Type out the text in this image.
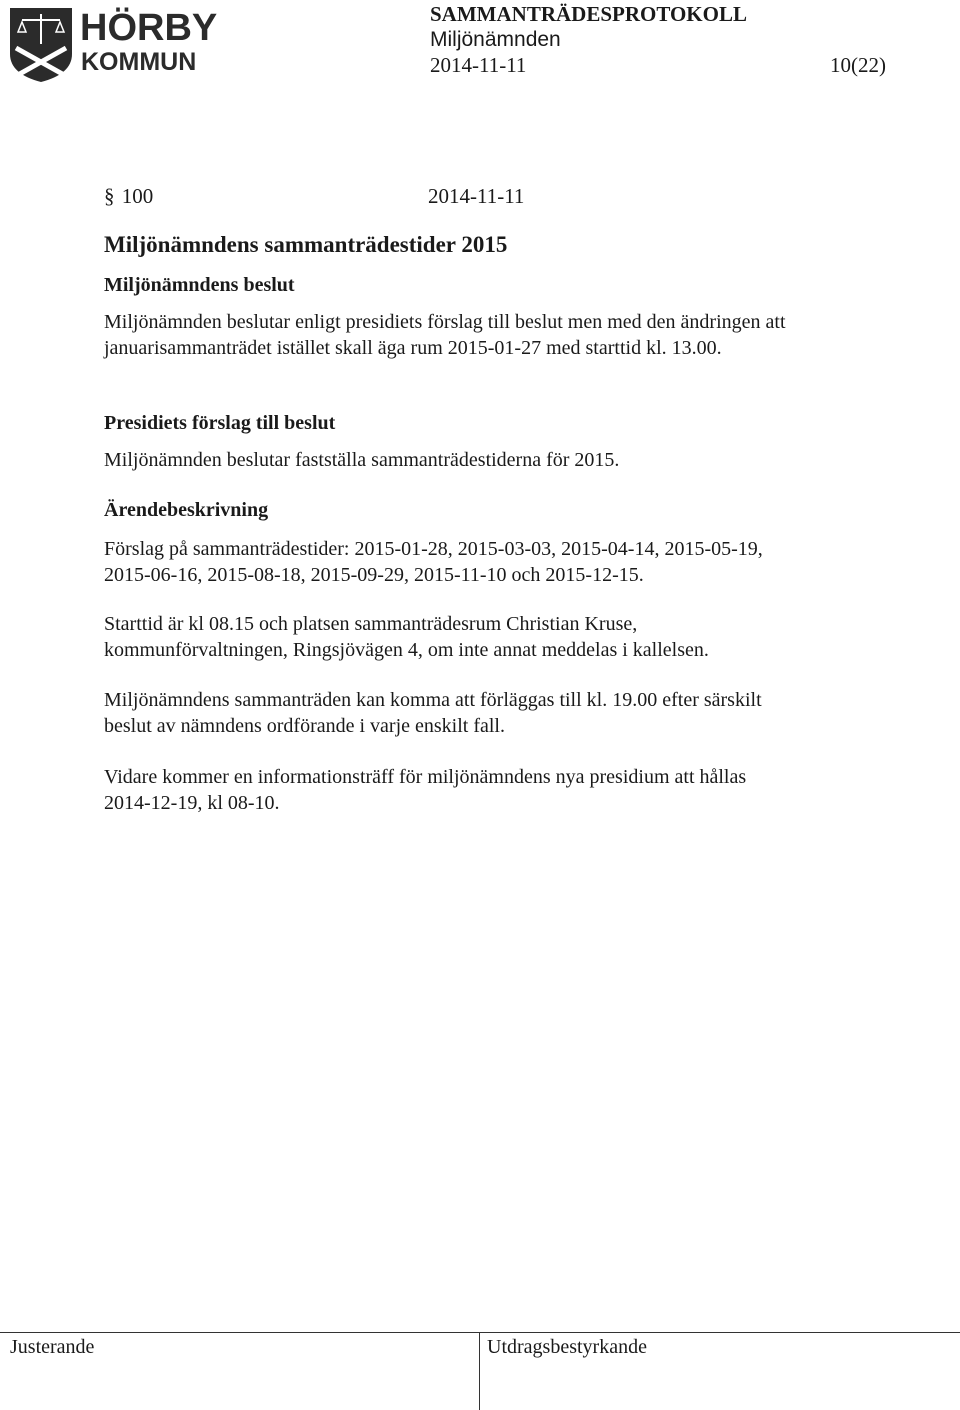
HÖRBY
KOMMUN
SAMMANTRÄDESPROTOKOLL
Miljönämnden
2014-11-11	10(22)
§ 100	2014-11-11
Miljönämndens sammanträdestider 2015
Miljönämndens beslut
Miljönämnden beslutar enligt presidiets förslag till beslut men med den ändringen att januarisammanträdet istället skall äga rum 2015-01-27 med starttid kl. 13.00.
Presidiets förslag till beslut
Miljönämnden beslutar fastställa sammanträdestiderna för 2015.
Ärendebeskrivning
Förslag på sammanträdestider: 2015-01-28, 2015-03-03, 2015-04-14, 2015-05-19, 2015-06-16, 2015-08-18, 2015-09-29, 2015-11-10 och 2015-12-15.
Starttid är kl 08.15 och platsen sammanträdesrum Christian Kruse, kommunförvaltningen, Ringsjövägen 4, om inte annat meddelas i kallelsen.
Miljönämndens sammanträden kan komma att förläggas till kl. 19.00 efter särskilt beslut av nämndens ordförande i varje enskilt fall.
Vidare kommer en informationsträff för miljönämndens nya presidium att hållas 2014-12-19, kl 08-10.
Justerande	Utdragsbestyrkande
